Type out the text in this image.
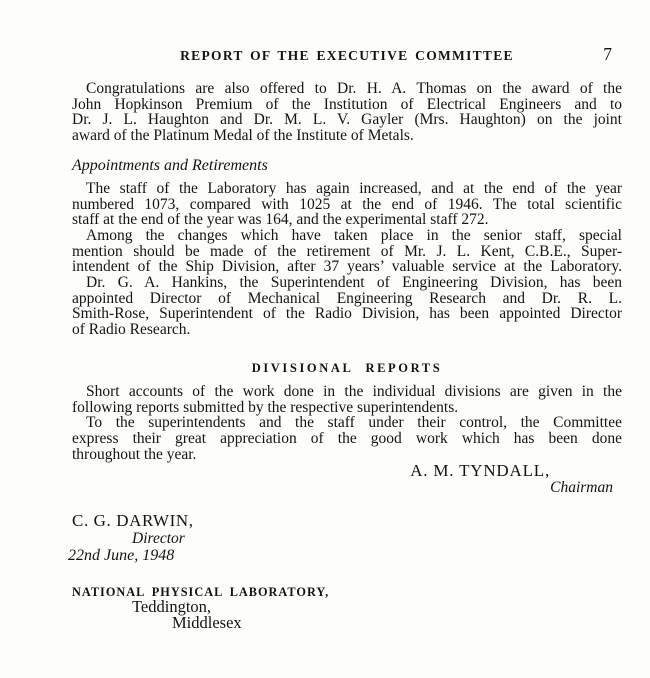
REPORT OF THE EXECUTIVE COMMITTEE	7
Congratulations are also offered to Dr. H. A. Thomas on the award of the
John Hopkinson Premium of the Institution of Electrical Engineers and to
Dr. J. L. Haughton and Dr. M. L. V. Gayler (Mrs. Haughton) on the joint
award of the Platinum Medal of the Institute of Metals.
Appointments and Retirements
The staff of the Laboratory has again increased, and at the end of the year
numbered 1073, compared with 1025 at the end of 1946. The total scientific
staff at the end of the year was 164, and the experimental staff 272.
Among the changes which have taken place in the senior staff, special
mention should be made of the retirement of Mr. J. L. Kent, C.B.E., Super-
intendent of the Ship Division, after 37 years’ valuable service at the Laboratory.
Dr. G. A. Hankins, the Superintendent of Engineering Division, has been
appointed Director of Mechanical Engineering Research and Dr. R. L.
Smith-Rose, Superintendent of the Radio Division, has been appointed Director
of Radio Research.
DIVISIONAL REPORTS
Short accounts of the work done in the individual divisions are given in the
following reports submitted by the respective superintendents.
To the superintendents and the staff under their control, the Committee
express their great appreciation of the good work which has been done
throughout the year.
A. M. TYNDALL,
Chairman
C. G. DARWIN,
Director
22nd June, 1948
NATIONAL PHYSICAL LABORATORY,
Teddington,
Middlesex
